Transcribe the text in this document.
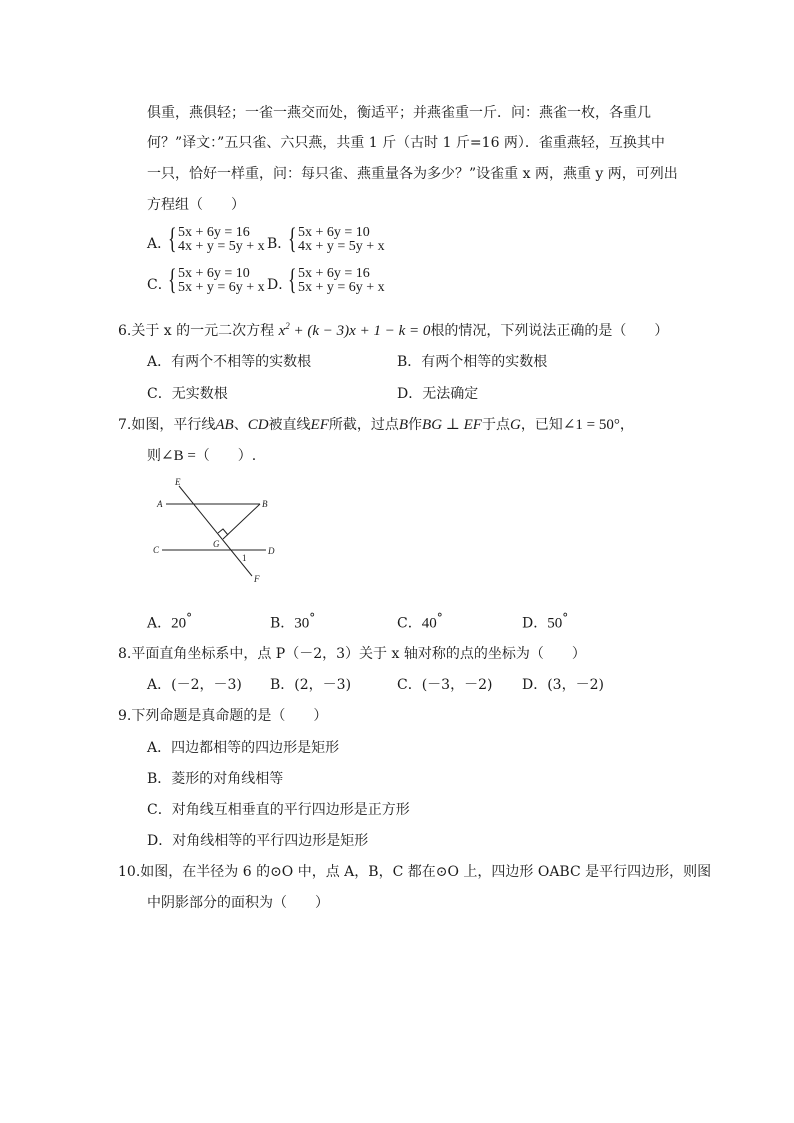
俱重，燕俱轻；一雀一燕交而处，衡适平；并燕雀重一斤．问：燕雀一枚，各重几
何？”译文：”五只雀、六只燕，共重 1 斤（古时 1 斤=16 两）．雀重燕轻，互换其中
一只，恰好一样重，问：每只雀、燕重量各为多少？”设雀重 x 两，燕重 y 两，可列出
方程组（　　）
A．
{ 5x + 6y = 16
4x + y = 5y + x B．
{ 5x + 6y = 10
4x + y = 5y + x
C．
{ 5x + 6y = 10
5x + y = 6y + x D．
{ 5x + 6y = 16
5x + y = 6y + x
6.关于 x 的一元二次方程 $x^2 + (k - 3)x + 1 - k = 0$根的情况，下列说法正确的是（　　）
A．有两个不相等的实数根	B．有两个相等的实数根
C．无实数根	D．无法确定
7.如图，平行线AB、CD被直线EF所截，过点B作BG ⊥ EF于点G，已知∠1 = 50°，
则∠B =（　　）.
E
A	B
G
C	D
1
F
A．20°	B．30°	C．40°	D．50°
8.平面直角坐标系中，点 P（－2，3）关于 x 轴对称的点的坐标为（　　）
A．(－2，－3) B．(2，－3)	C．(－3，－2) D．(3，－2)
9.下列命题是真命题的是（　　）
A．四边都相等的四边形是矩形
B．菱形的对角线相等
C．对角线互相垂直的平行四边形是正方形
D．对角线相等的平行四边形是矩形
10.如图，在半径为 6 的⊙O 中，点 A，B，C 都在⊙O 上，四边形 OABC 是平行四边形，则图
中阴影部分的面积为（　　）
